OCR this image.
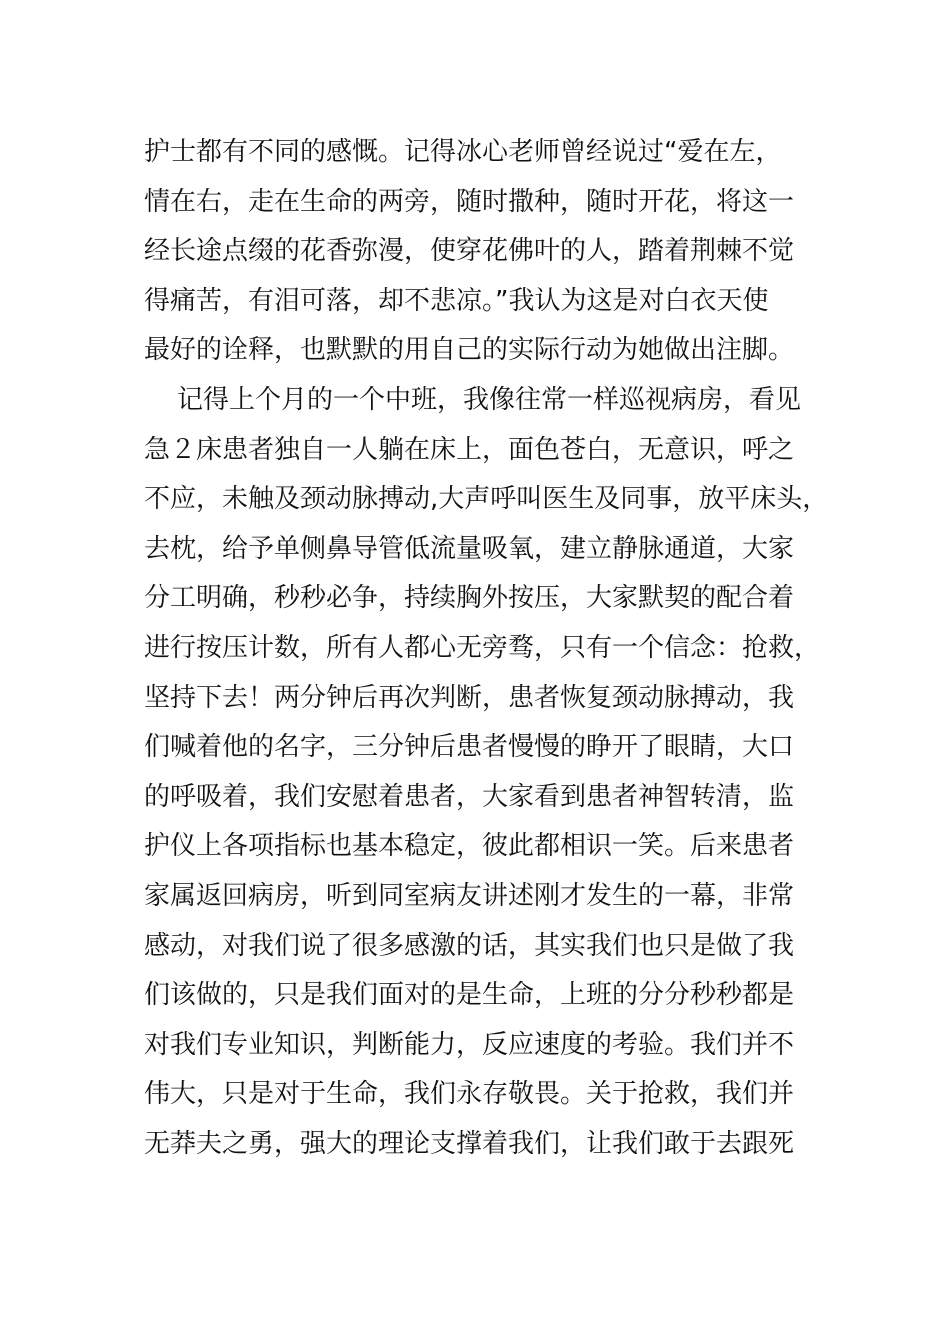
护士都有不同的感慨。记得冰心老师曾经说过“爱在左，
情在右，走在生命的两旁，随时撒种，随时开花，将这一
经长途点缀的花香弥漫，使穿花佛叶的人，踏着荆棘不觉
得痛苦，有泪可落，却不悲凉。”我认为这是对白衣天使
最好的诠释，也默默的用自己的实际行动为她做出注脚。
记得上个月的一个中班，我像往常一样巡视病房，看见
急２床患者独自一人躺在床上，面色苍白，无意识，呼之
不应，未触及颈动脉搏动,大声呼叫医生及同事，放平床头，
去枕，给予单侧鼻导管低流量吸氧，建立静脉通道，大家
分工明确，秒秒必争，持续胸外按压，大家默契的配合着
进行按压计数，所有人都心无旁骛，只有一个信念：抢救，
坚持下去！两分钟后再次判断，患者恢复颈动脉搏动，我
们喊着他的名字，三分钟后患者慢慢的睁开了眼睛，大口
的呼吸着，我们安慰着患者，大家看到患者神智转清，监
护仪上各项指标也基本稳定，彼此都相识一笑。后来患者
家属返回病房，听到同室病友讲述刚才发生的一幕，非常
感动，对我们说了很多感激的话，其实我们也只是做了我
们该做的，只是我们面对的是生命，上班的分分秒秒都是
对我们专业知识，判断能力，反应速度的考验。我们并不
伟大，只是对于生命，我们永存敬畏。关于抢救，我们并
无莽夫之勇，强大的理论支撑着我们，让我们敢于去跟死
